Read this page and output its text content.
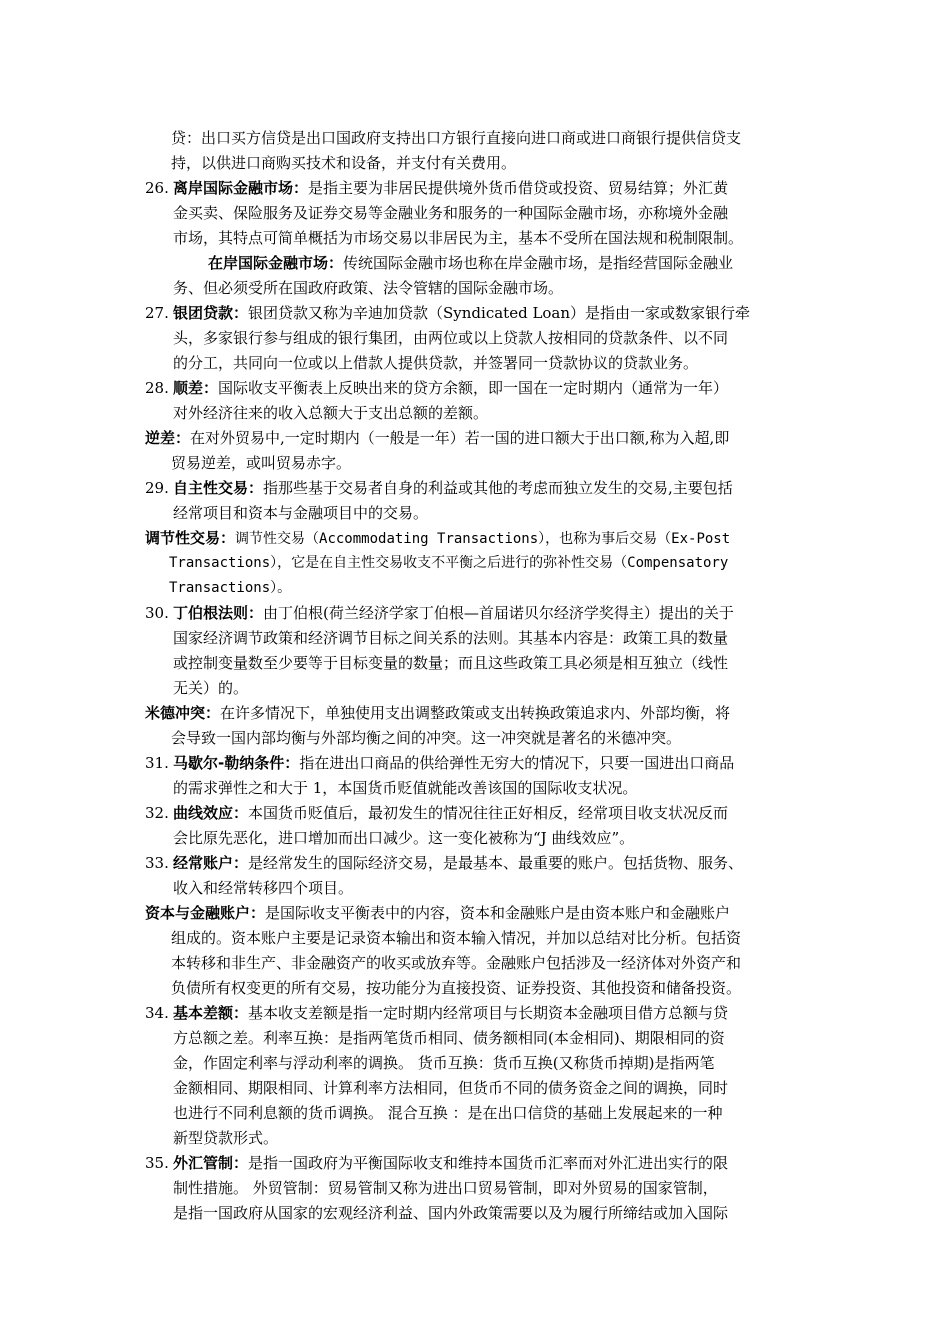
贷：出口买方信贷是出口国政府支持出口方银行直接向进口商或进口商银行提供信贷支
持，以供进口商购买技术和设备，并支付有关费用。
26. 离岸国际金融市场：是指主要为非居民提供境外货币借贷或投资、贸易结算；外汇黄
金买卖、保险服务及证券交易等金融业务和服务的一种国际金融市场，亦称境外金融
市场，其特点可简单概括为市场交易以非居民为主，基本不受所在国法规和税制限制。
在岸国际金融市场：传统国际金融市场也称在岸金融市场，是指经营国际金融业
务、但必须受所在国政府政策、法令管辖的国际金融市场。
27. 银团贷款：银团贷款又称为辛迪加贷款（Syndicated Loan）是指由一家或数家银行牵
头，多家银行参与组成的银行集团，由两位或以上贷款人按相同的贷款条件、以不同
的分工，共同向一位或以上借款人提供贷款，并签署同一贷款协议的贷款业务。
28. 顺差：国际收支平衡表上反映出来的贷方余额，即一国在一定时期内（通常为一年）
对外经济往来的收入总额大于支出总额的差额。
逆差：在对外贸易中,一定时期内（一般是一年）若一国的进口额大于出口额,称为入超,即
贸易逆差，或叫贸易赤字。
29. 自主性交易：指那些基于交易者自身的利益或其他的考虑而独立发生的交易,主要包括
经常项目和资本与金融项目中的交易。
调节性交易：调节性交易（Accommodating Transactions），也称为事后交易（Ex-Post
Transactions），它是在自主性交易收支不平衡之后进行的弥补性交易（Compensatory
Transactions）。
30. 丁伯根法则：由丁伯根(荷兰经济学家丁伯根—首届诺贝尔经济学奖得主）提出的关于
国家经济调节政策和经济调节目标之间关系的法则。其基本内容是：政策工具的数量
或控制变量数至少要等于目标变量的数量；而且这些政策工具必须是相互独立（线性
无关）的。
米德冲突：在许多情况下，单独使用支出调整政策或支出转换政策追求内、外部均衡，将
会导致一国内部均衡与外部均衡之间的冲突。这一冲突就是著名的米德冲突。
31. 马歇尔-勒纳条件：指在进出口商品的供给弹性无穷大的情况下，只要一国进出口商品
的需求弹性之和大于 1，本国货币贬值就能改善该国的国际收支状况。
32. 曲线效应：本国货币贬值后，最初发生的情况往往正好相反，经常项目收支状况反而
会比原先恶化，进口增加而出口减少。这一变化被称为“J 曲线效应”。
33. 经常账户：是经常发生的国际经济交易，是最基本、最重要的账户。包括货物、服务、
收入和经常转移四个项目。
资本与金融账户：是国际收支平衡表中的内容，资本和金融账户是由资本账户和金融账户
组成的。资本账户主要是记录资本输出和资本输入情况，并加以总结对比分析。包括资
本转移和非生产、非金融资产的收买或放弃等。金融账户包括涉及一经济体对外资产和
负债所有权变更的所有交易，按功能分为直接投资、证券投资、其他投资和储备投资。
34. 基本差额：基本收支差额是指一定时期内经常项目与长期资本金融项目借方总额与贷
方总额之差。利率互换：是指两笔货币相同、债务额相同(本金相同)、期限相同的资
金，作固定利率与浮动利率的调换。 货币互换：货币互换(又称货币掉期)是指两笔
金额相同、期限相同、计算利率方法相同，但货币不同的债务资金之间的调换，同时
也进行不同利息额的货币调换。 混合互换 ：是在出口信贷的基础上发展起来的一种
新型贷款形式。
35. 外汇管制：是指一国政府为平衡国际收支和维持本国货币汇率而对外汇进出实行的限
制性措施。 外贸管制：贸易管制又称为进出口贸易管制，即对外贸易的国家管制，
是指一国政府从国家的宏观经济利益、国内外政策需要以及为履行所缔结或加入国际
